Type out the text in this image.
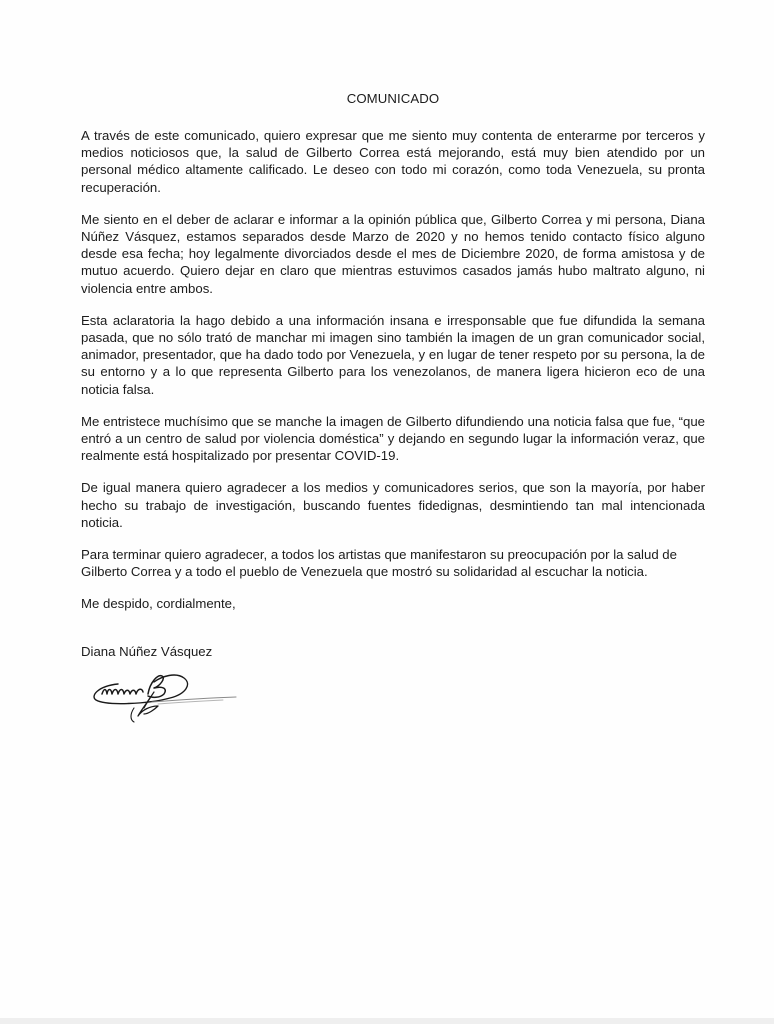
COMUNICADO

A través de este comunicado, quiero expresar que me siento muy contenta de enterarme por terceros y medios noticiosos que, la salud de Gilberto Correa está mejorando, está muy bien atendido por un personal médico altamente calificado. Le deseo con todo mi corazón, como toda Venezuela, su pronta recuperación.

Me siento en el deber de aclarar e informar a la opinión pública que, Gilberto Correa y mi persona, Diana Núñez Vásquez, estamos separados desde Marzo de 2020 y no hemos tenido contacto físico alguno desde esa fecha; hoy legalmente divorciados desde el mes de Diciembre 2020, de forma amistosa y de mutuo acuerdo. Quiero dejar en claro que mientras estuvimos casados jamás hubo maltrato alguno, ni violencia entre ambos.

Esta aclaratoria la hago debido a una información insana e irresponsable que fue difundida la semana pasada, que no sólo trató de manchar mi imagen sino también la imagen de un gran comunicador social, animador, presentador, que ha dado todo por Venezuela, y en lugar de tener respeto por su persona, la de su entorno y a lo que representa Gilberto para los venezolanos, de manera ligera hicieron eco de una noticia falsa.

Me entristece muchísimo que se manche la imagen de Gilberto difundiendo una noticia falsa que fue, “que entró a un centro de salud por violencia doméstica” y dejando en segundo lugar la información veraz, que realmente está hospitalizado por presentar COVID-19.

De igual manera quiero agradecer a los medios y comunicadores serios, que son la mayoría, por haber hecho su trabajo de investigación, buscando fuentes fidedignas, desmintiendo tan mal intencionada noticia.

Para terminar quiero agradecer, a todos los artistas que manifestaron su preocupación por la salud de Gilberto Correa y a todo el pueblo de Venezuela que mostró su solidaridad al escuchar la noticia.

Me despido, cordialmente,

Diana Núñez Vásquez
